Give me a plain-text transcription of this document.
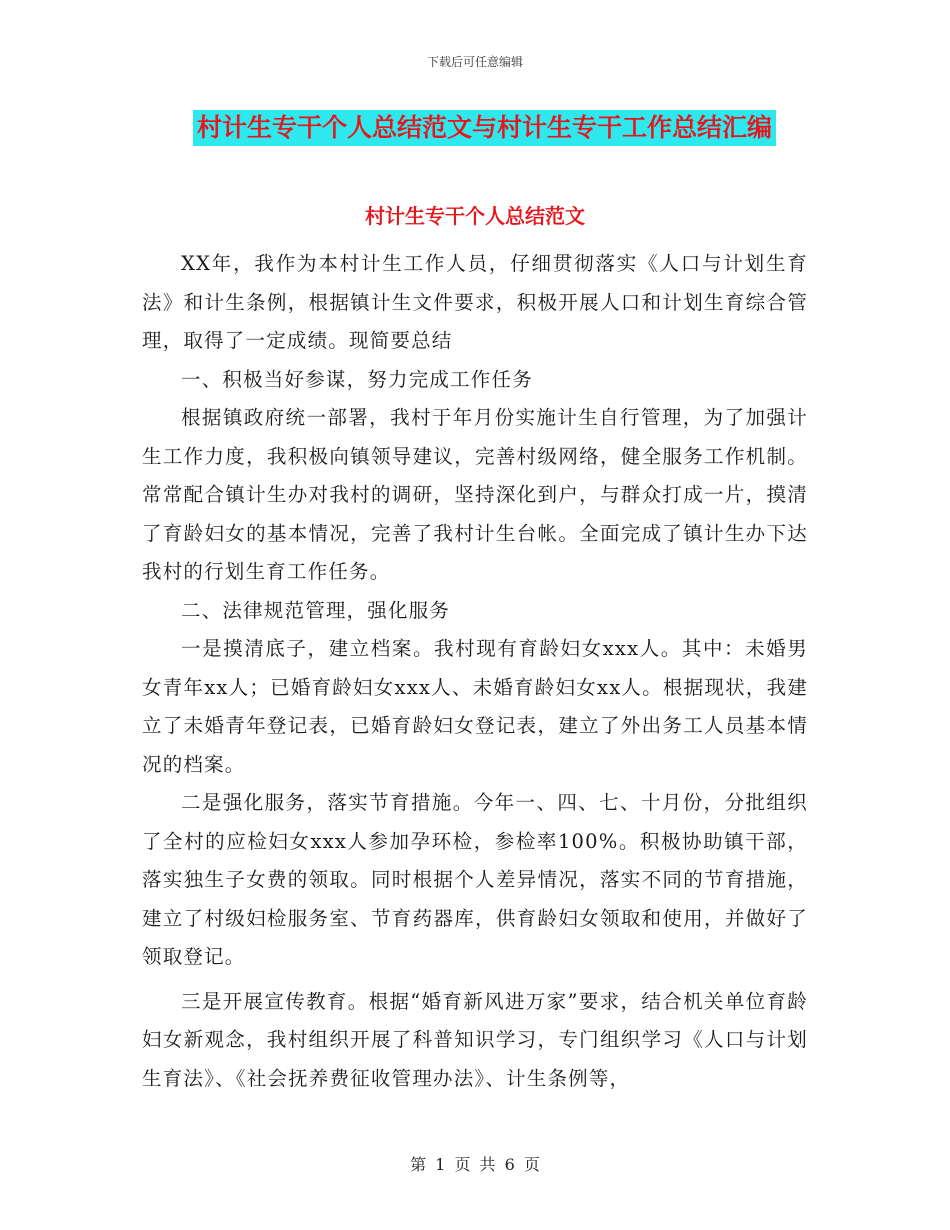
下载后可任意编辑
村计生专干个人总结范文与村计生专干工作总结汇编
村计生专干个人总结范文

XX年，我作为本村计生工作人员，仔细贯彻落实《人口与计划生育法》和计生条例，根据镇计生文件要求，积极开展人口和计划生育综合管理，取得了一定成绩。现简要总结

一、积极当好参谋，努力完成工作任务

根据镇政府统一部署，我村于年月份实施计生自行管理，为了加强计生工作力度，我积极向镇领导建议，完善村级网络，健全服务工作机制。常常配合镇计生办对我村的调研，坚持深化到户，与群众打成一片，摸清了育龄妇女的基本情况，完善了我村计生台帐。全面完成了镇计生办下达我村的行划生育工作任务。

二、法律规范管理，强化服务

一是摸清底子，建立档案。我村现有育龄妇女xxx人。其中：未婚男女青年xx人；已婚育龄妇女xxx人、未婚育龄妇女xx人。根据现状，我建立了未婚青年登记表，已婚育龄妇女登记表，建立了外出务工人员基本情况的档案。

二是强化服务，落实节育措施。今年一、四、七、十月份，分批组织了全村的应检妇女xxx人参加孕环检，参检率100%。积极协助镇干部，落实独生子女费的领取。同时根据个人差异情况，落实不同的节育措施，建立了村级妇检服务室、节育药器库，供育龄妇女领取和使用，并做好了领取登记。

三是开展宣传教育。根据“婚育新风进万家”要求，结合机关单位育龄妇女新观念，我村组织开展了科普知识学习，专门组织学习《人口与计划生育法》、《社会抚养费征收管理办法》、计生条例等，

第 1 页 共 6 页
